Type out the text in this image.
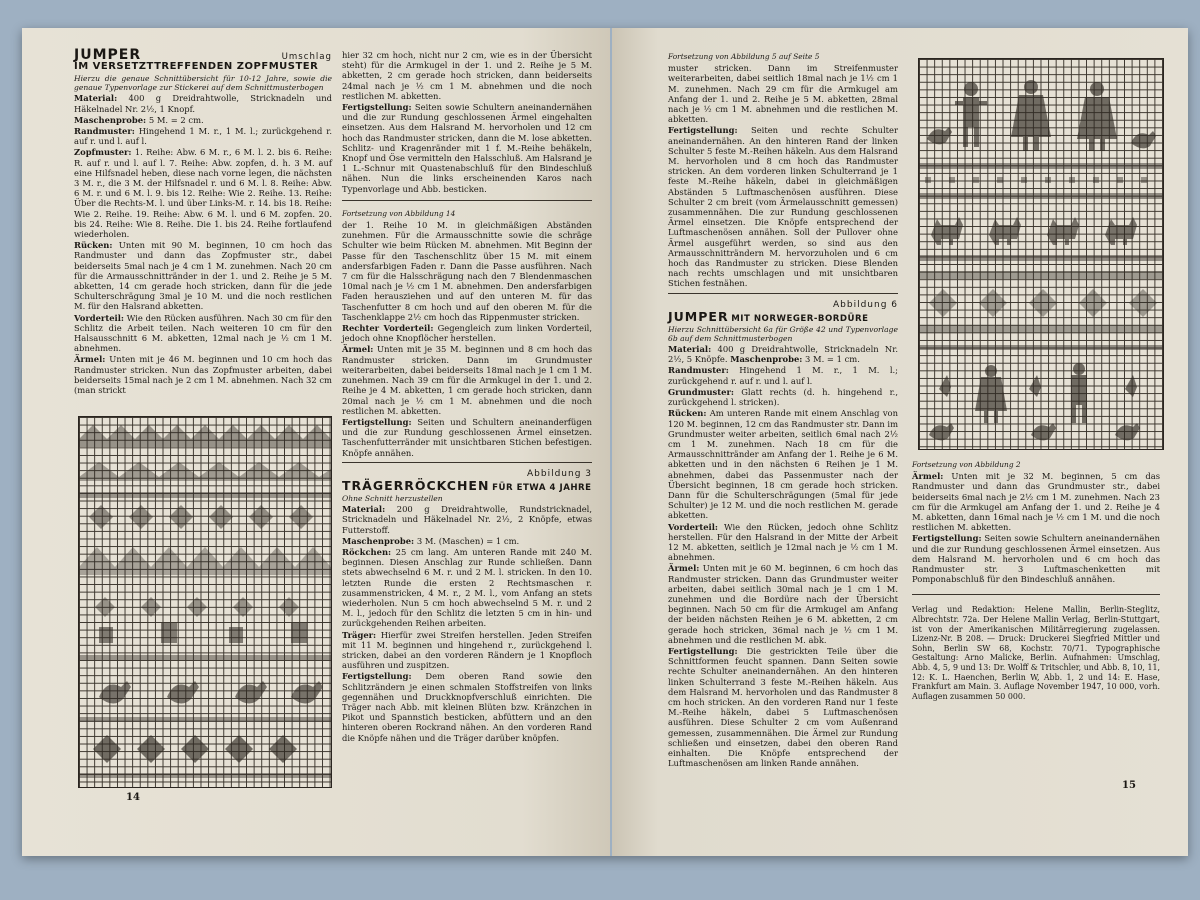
JUMPER	Umschlag
IM VERSETZTTREFFENDEN ZOPFMUSTER

Hierzu die genaue Schnittübersicht für 10-12 Jahre, sowie die genaue Typenvorlage zur Stickerei auf dem Schnittmusterbogen

Material: 400 g Dreidrahtwolle, Stricknadeln und Häkelnadel Nr. 2½, 1 Knopf.

Maschenprobe: 5 M. = 2 cm.

Randmuster: Hingehend 1 M. r., 1 M. l.; zurückgehend r. auf r. und l. auf l.

Zopfmuster: 1. Reihe: Abw. 6 M. r., 6 M. l. 2. bis 6. Reihe: R. auf r. und l. auf l. 7. Reihe: Abw. zopfen, d. h. 3 M. auf eine Hilfsnadel heben, diese nach vorne legen, die nächsten 3 M. r., die 3 M. der Hilfsnadel r. und 6 M. l. 8. Reihe: Abw. 6 M. r. und 6 M. l. 9. bis 12. Reihe: Wie 2. Reihe. 13. Reihe: Über die Rechts-M. l. und über Links-M. r. 14. bis 18. Reihe: Wie 2. Reihe. 19. Reihe: Abw. 6 M. l. und 6 M. zopfen. 20. bis 24. Reihe: Wie 8. Reihe. Die 1. bis 24. Reihe fortlaufend wiederholen.

Rücken: Unten mit 90 M. beginnen, 10 cm hoch das Randmuster und dann das Zopfmuster str., dabei beiderseits 5mal nach je 4 cm 1 M. zunehmen. Nach 20 cm für die Armausschnittränder in der 1. und 2. Reihe je 5 M. abketten, 14 cm gerade hoch stricken, dann für die jede Schulterschrägung 3mal je 10 M. und die noch restlichen M. für den Halsrand abketten.

Vorderteil: Wie den Rücken ausführen. Nach 30 cm für den Schlitz die Arbeit teilen. Nach weiteren 10 cm für den Halsausschnitt 6 M. abketten, 12mal nach je ½ cm 1 M. abnehmen.

Ärmel: Unten mit je 46 M. beginnen und 10 cm hoch das Randmuster stricken. Nun das Zopfmuster arbeiten, dabei beiderseits 15mal nach je 2 cm 1 M. abnehmen. Nach 32 cm (man strickt

14

hier 32 cm hoch, nicht nur 2 cm, wie es in der Übersicht steht) für die Armkugel in der 1. und 2. Reihe je 5 M. abketten, 2 cm gerade hoch stricken, dann beiderseits 24mal nach je ½ cm 1 M. abnehmen und die noch restlichen M. abketten.

Fertigstellung: Seiten sowie Schultern aneinandernähen und die zur Rundung geschlossenen Ärmel eingehalten einsetzen. Aus dem Halsrand M. hervorholen und 12 cm hoch das Randmuster stricken, dann die M. lose abketten. Schlitz- und Kragenränder mit 1 f. M.-Reihe behäkeln, Knopf und Öse vermitteln den Halsschluß. Am Halsrand je 1 L.-Schnur mit Quastenabschluß für den Bindeschluß nähen. Nun die links erscheinenden Karos nach Typenvorlage und Abb. besticken.

Fortsetzung von Abbildung 14

der 1. Reihe 10 M. in gleichmäßigen Abständen zunehmen. Für die Armausschnitte sowie die schräge Schulter wie beim Rücken M. abnehmen. Mit Beginn der Passe für den Taschenschlitz über 15 M. mit einem andersfarbigen Faden r. Dann die Passe ausführen. Nach 7 cm für die Halsschrägung nach den 7 Blendenmaschen 10mal nach je ½ cm 1 M. abnehmen. Den andersfarbigen Faden herausziehen und auf den unteren M. für das Taschenfutter 8 cm hoch und auf den oberen M. für die Taschenklappe 2½ cm hoch das Rippenmuster stricken.

Rechter Vorderteil: Gegengleich zum linken Vorderteil, jedoch ohne Knopflöcher herstellen.

Ärmel: Unten mit je 35 M. beginnen und 8 cm hoch das Randmuster stricken. Dann im Grundmuster weiterarbeiten, dabei beiderseits 18mal nach je 1 cm 1 M. zunehmen. Nach 39 cm für die Armkugel in der 1. und 2. Reihe je 4 M. abketten, 1 cm gerade hoch stricken, dann 20mal nach je ½ cm 1 M. abnehmen und die noch restlichen M. abketten.

Fertigstellung: Seiten und Schultern aneinanderfügen und die zur Rundung geschlossenen Ärmel einsetzen. Taschenfutterränder mit unsichtbaren Stichen befestigen. Knöpfe annähen.

Abbildung 3
TRÄGERRÖCKCHEN FÜR ETWA 4 JAHRE

Ohne Schnitt herzustellen

Material: 200 g Dreidrahtwolle, Rundstricknadel, Stricknadeln und Häkelnadel Nr. 2½, 2 Knöpfe, etwas Futterstoff.

Maschenprobe: 3 M. (Maschen) = 1 cm.

Röckchen: 25 cm lang. Am unteren Rande mit 240 M. beginnen. Diesen Anschlag zur Runde schließen. Dann stets abwechselnd 6 M. r. und 2 M. l. stricken. In den 10. letzten Runde die ersten 2 Rechtsmaschen r. zusammenstricken, 4 M. r., 2 M. l., vom Anfang an stets wiederholen. Nun 5 cm hoch abwechselnd 5 M. r. und 2 M. l., jedoch für den Schlitz die letzten 5 cm in hin- und zurückgehenden Reihen arbeiten.

Träger: Hierfür zwei Streifen herstellen. Jeden Streifen mit 11 M. beginnen und hingehend r., zurückgehend l. stricken, dabei an den vorderen Rändern je 1 Knopfloch ausführen und zuspitzen.

Fertigstellung: Dem oberen Rand sowie den Schlitzrändern je einen schmalen Stoffstreifen von links gegennähen und Druckknopfverschluß einrichten. Die Träger nach Abb. mit kleinen Blüten bzw. Kränzchen in Pikot und Spannstich besticken, abfüttern und an den hinteren oberen Rockrand nähen. An den vorderen Rand die Knöpfe nähen und die Träger darüber knöpfen.

Fortsetzung von Abbildung 5 auf Seite 5

muster stricken. Dann im Streifenmuster weiterarbeiten, dabei seitlich 18mal nach je 1½ cm 1 M. zunehmen. Nach 29 cm für die Armkugel am Anfang der 1. und 2. Reihe je 5 M. abketten, 28mal nach je ½ cm 1 M. abnehmen und die restlichen M. abketten.

Fertigstellung: Seiten und rechte Schulter aneinandernähen. An den hinteren Rand der linken Schulter 5 feste M.-Reihen häkeln. Aus dem Halsrand M. hervorholen und 8 cm hoch das Randmuster stricken. An dem vorderen linken Schulterrand je 1 feste M.-Reihe häkeln, dabei in gleichmäßigen Abständen 5 Luftmaschenösen ausführen. Diese Schulter 2 cm breit (vom Ärmelausschnitt gemessen) zusammennähen. Die zur Rundung geschlossenen Ärmel einsetzen. Die Knöpfe entsprechend der Luftmaschenösen annähen. Soll der Pullover ohne Ärmel ausgeführt werden, so sind aus den Armausschnitträndern M. hervorzuholen und 6 cm hoch das Randmuster zu stricken. Diese Blenden nach rechts umschlagen und mit unsichtbaren Stichen festnähen.

Abbildung 6
JUMPER MIT NORWEGER-BORDÜRE

Hierzu Schnittübersicht 6a für Größe 42 und Typenvorlage 6b auf dem Schnittmusterbogen

Material: 400 g Dreidrahtwolle, Stricknadeln Nr. 2½, 5 Knöpfe. Maschenprobe: 3 M. = 1 cm.

Randmuster: Hingehend 1 M. r., 1 M. l.; zurückgehend r. auf r. und l. auf l.

Grundmuster: Glatt rechts (d. h. hingehend r., zurückgehend l. stricken).

Rücken: Am unteren Rande mit einem Anschlag von 120 M. beginnen, 12 cm das Randmuster str. Dann im Grundmuster weiter arbeiten, seitlich 6mal nach 2½ cm 1 M. zunehmen. Nach 18 cm für die Armausschnittränder am Anfang der 1. Reihe je 6 M. abketten und in den nächsten 6 Reihen je 1 M. abnehmen, dabei das Passenmuster nach der Übersicht beginnen, 18 cm gerade hoch stricken. Dann für die Schulterschrägungen (5mal für jede Schulter) je 12 M. und die noch restlichen M. gerade abketten.

Vorderteil: Wie den Rücken, jedoch ohne Schlitz herstellen. Für den Halsrand in der Mitte der Arbeit 12 M. abketten, seitlich je 12mal nach je ½ cm 1 M. abnehmen.

Ärmel: Unten mit je 60 M. beginnen, 6 cm hoch das Randmuster stricken. Dann das Grundmuster weiter arbeiten, dabei seitlich 30mal nach je 1 cm 1 M. zunehmen und die Bordüre nach der Übersicht beginnen. Nach 50 cm für die Armkugel am Anfang der beiden nächsten Reihen je 6 M. abketten, 2 cm gerade hoch stricken, 36mal nach je ½ cm 1 M. abnehmen und die restlichen M. abk.

Fertigstellung: Die gestrickten Teile über die Schnittformen feucht spannen. Dann Seiten sowie rechte Schulter aneinandernähen. An den hinteren linken Schulterrand 3 feste M.-Reihen häkeln. Aus dem Halsrand M. hervorholen und das Randmuster 8 cm hoch stricken. An den vorderen Rand nur 1 feste M.-Reihe häkeln, dabei 5 Luftmaschenösen ausführen. Diese Schulter 2 cm vom Außenrand gemessen, zusammennähen. Die Ärmel zur Rundung schließen und einsetzen, dabei den oberen Rand einhalten. Die Knöpfe entsprechend der Luftmaschenösen am linken Rande annähen.

Fortsetzung von Abbildung 2

Ärmel: Unten mit je 32 M. beginnen, 5 cm das Randmuster und dann das Grundmuster str., dabei beiderseits 6mal nach je 2½ cm 1 M. zunehmen. Nach 23 cm für die Armkugel am Anfang der 1. und 2. Reihe je 4 M. abketten, dann 16mal nach je ½ cm 1 M. und die noch restlichen M. abketten.

Fertigstellung: Seiten sowie Schultern aneinandernähen und die zur Rundung geschlossenen Ärmel einsetzen. Aus dem Halsrand M. hervorholen und 6 cm hoch das Randmuster str. 3 Luftmaschenketten mit Pomponabschluß für den Bindeschluß annähen.

Verlag und Redaktion: Helene Mallin, Berlin-Steglitz, Albrechtstr. 72a. Der Helene Mallin Verlag, Berlin-Stuttgart, ist von der Amerikanischen Militärregierung zugelassen. Lizenz-Nr. B 208. — Druck: Druckerei Siegfried Mittler und Sohn, Berlin SW 68, Kochstr. 70/71. Typographische Gestaltung: Arno Malicke, Berlin. Aufnahmen: Umschlag, Abb. 4, 5, 9 und 13: Dr. Wolff & Tritschler, und Abb. 8, 10, 11, 12: K. L. Haenchen, Berlin W, Abb. 1, 2 und 14: E. Hase, Frankfurt am Main. 3. Auflage November 1947, 10 000, vorh. Auflagen zusammen 50 000.

15
